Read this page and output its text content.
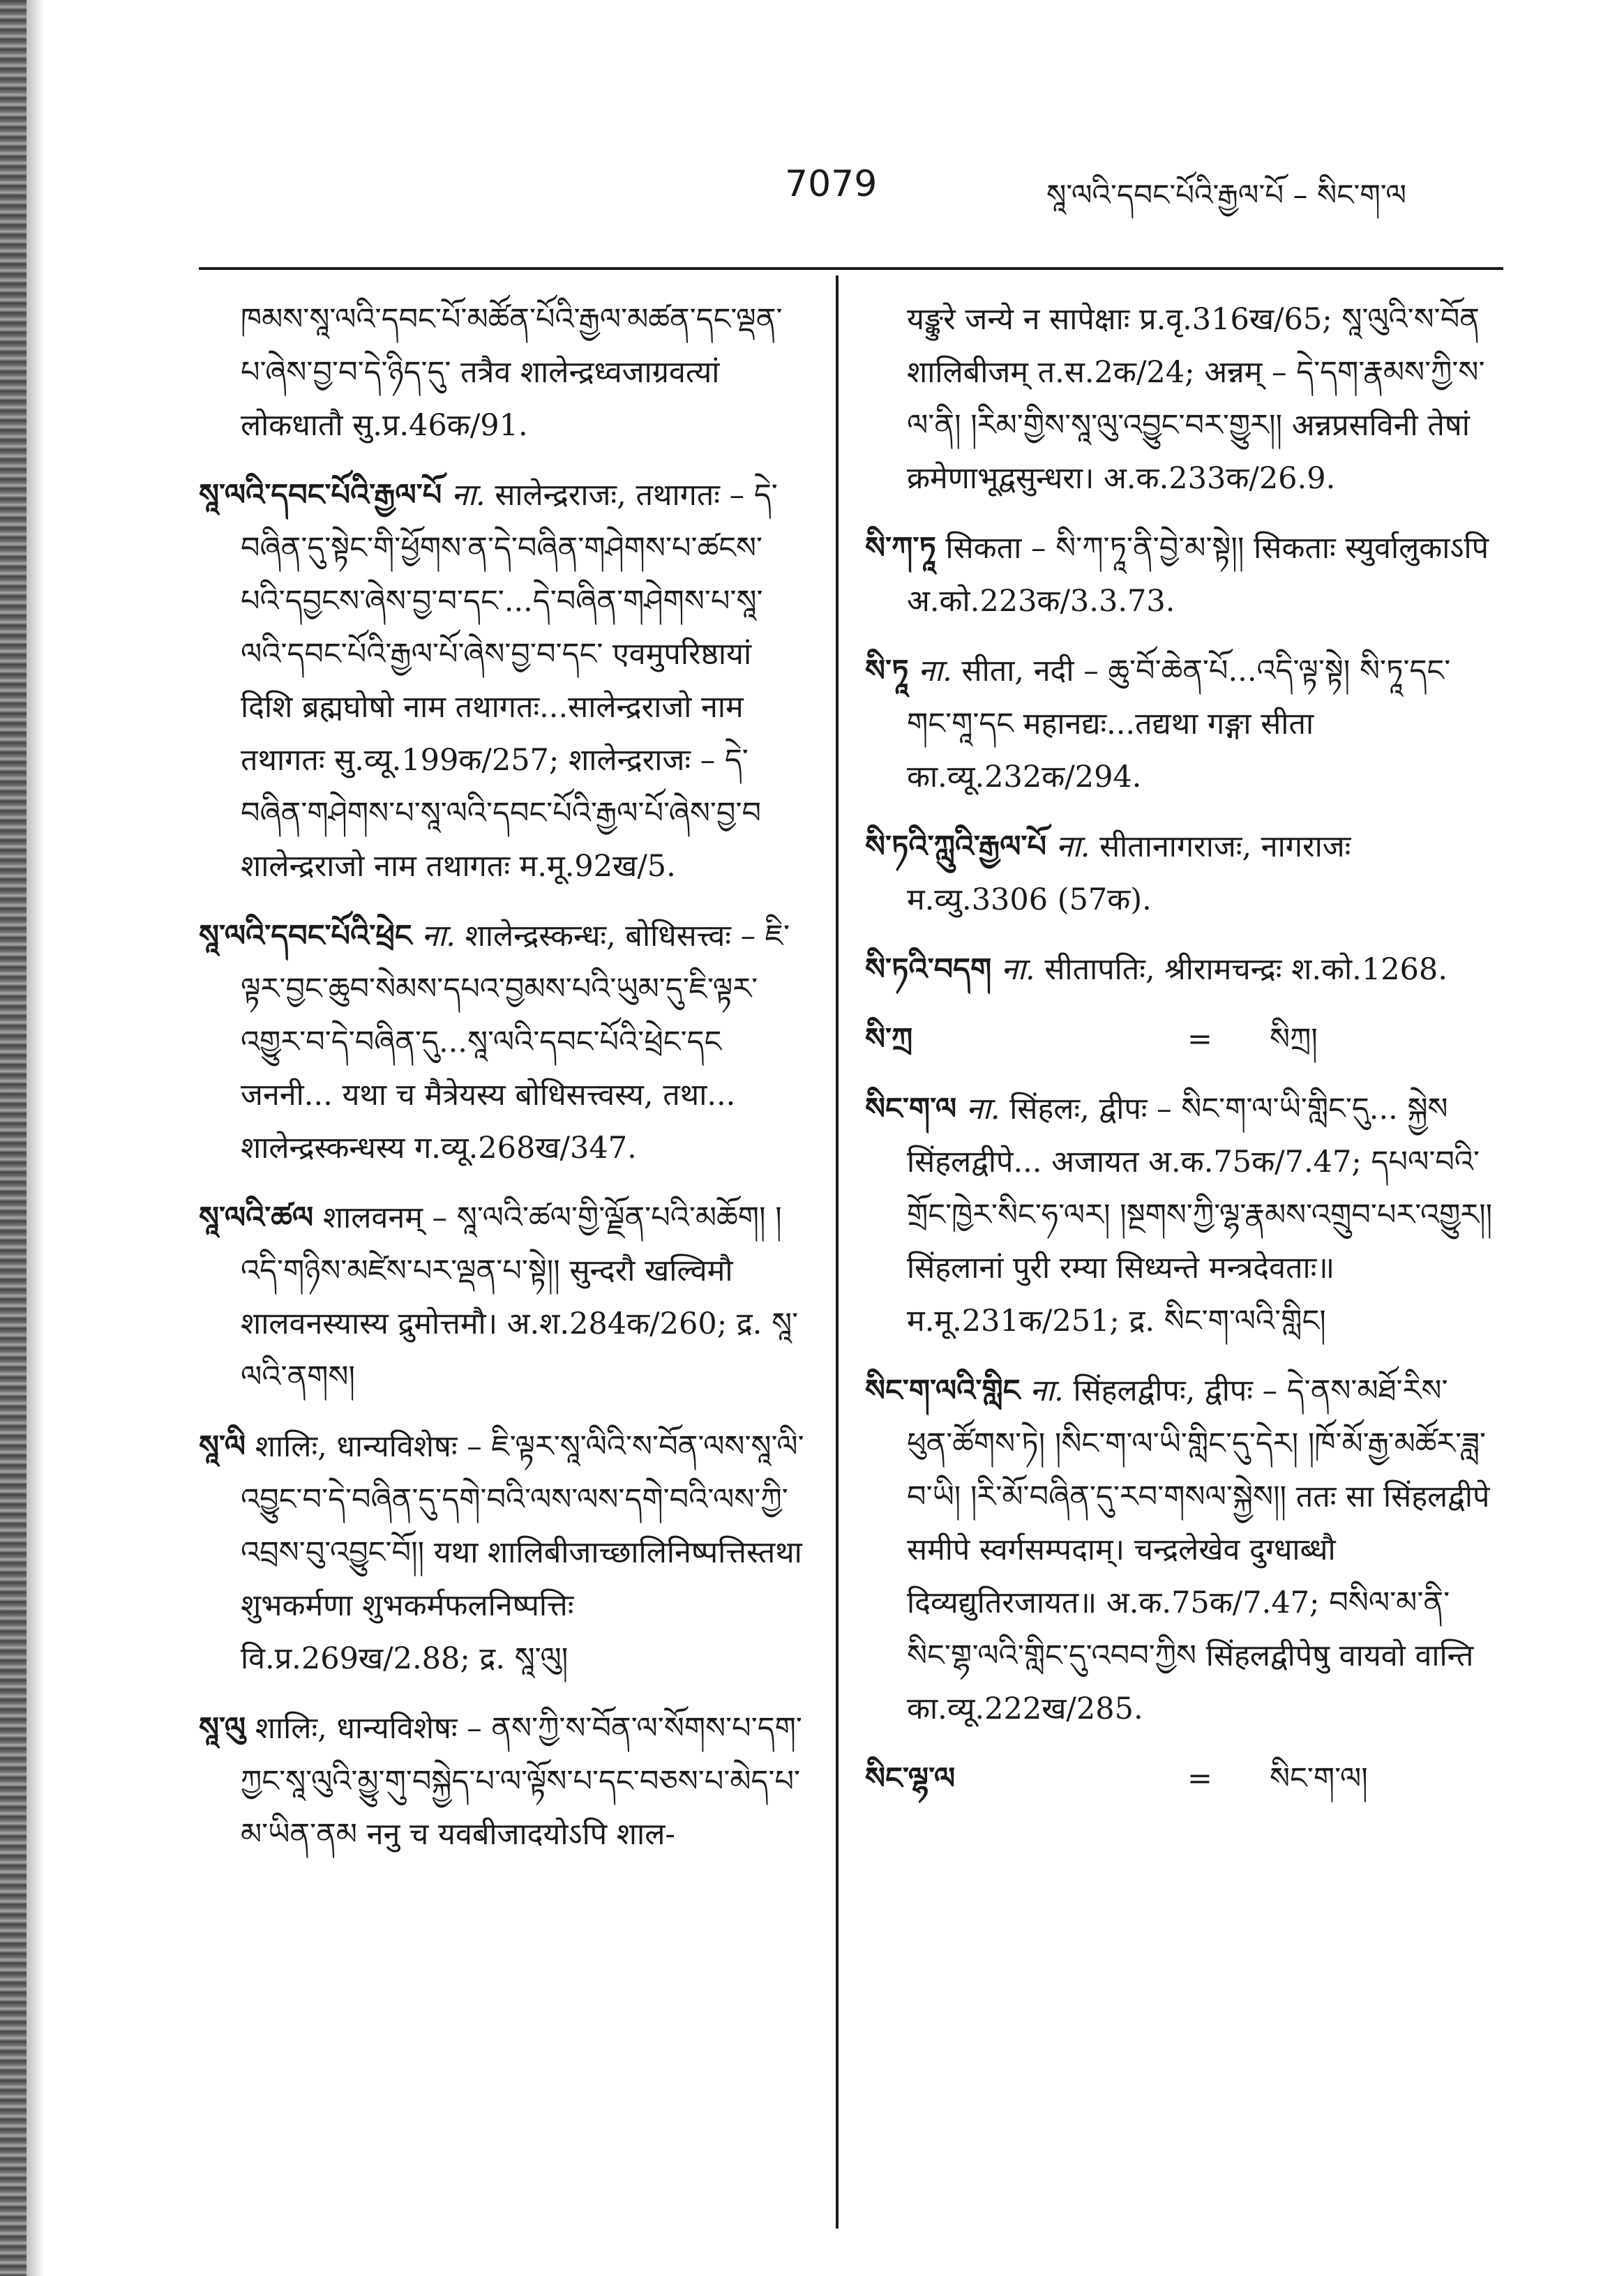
7079	སཱ་ལའི་དབང་པོའི་རྒྱལ་པོ – སིང་ག་ལ

ཁམས་སཱ་ལའི་དབང་པོ་མཚོན་པོའི་རྒྱལ་མཚན་དང་ལྡན་པ་ཞེས་བྱ་བ་དེ་ཉིད་དུ་ तत्रैव शालेन्द्रध्वजाग्रवत्यां लोकधातौ सु.प्र.46क/91.

སཱ་ལའི་དབང་པོའི་རྒྱལ་པོ ना. सालेन्द्रराजः, तथागतः – དེ་བཞིན་དུ་སྟེང་གི་ཕྱོགས་ན་དེ་བཞིན་གཤེགས་པ་ཚངས་པའི་དབྱངས་ཞེས་བྱ་བ་དང་...དེ་བཞིན་གཤེགས་པ་སཱ་ལའི་དབང་པོའི་རྒྱལ་པོ་ཞེས་བྱ་བ་དང་ एवमुपरिष्ठायां दिशि ब्रह्मघोषो नाम तथागतः...सालेन्द्रराजो नाम तथागतः सु.व्यू.199क/257; शालेन्द्रराजः – དེ་བཞིན་གཤེགས་པ་སཱ་ལའི་དབང་པོའི་རྒྱལ་པོ་ཞེས་བྱ་བ शालेन्द्रराजो नाम तथागतः म.मू.92ख/5.
སཱ་ལའི་དབང་པོའི་ཕྲེང ना. शालेन्द्रस्कन्धः, बोधिसत्त्वः – ཇི་ལྟར་བྱང་ཆུབ་སེམས་དཔའ་བྱམས་པའི་ཡུམ་དུ་ཇི་ལྟར་འགྱུར་བ་དེ་བཞིན་དུ...སཱ་ལའི་དབང་པོའི་ཕྲེང་དང जननी... यथा च मैत्रेयस्य बोधिसत्त्वस्य, तथा... शालेन्द्रस्कन्धस्य ग.व्यू.268ख/347.
སཱ་ལའི་ཚལ शालवनम् – སཱ་ལའི་ཚལ་གྱི་ལྗོན་པའི་མཆོག། །འདི་གཉིས་མཛེས་པར་ལྡན་པ་སྟེ།། सुन्दरौ खल्विमौ शालवनस्यास्य द्रुमोत्तमौ। अ.श.284क/260; द्र. སཱ་ལའི་ནགས།
སཱ་ལི शालिः, धान्यविशेषः – ཇི་ལྟར་སཱ་ལིའི་ས་བོན་ལས་སཱ་ལི་འབྱུང་བ་དེ་བཞིན་དུ་དགེ་བའི་ལས་ལས་དགེ་བའི་ལས་ཀྱི་འབྲས་བུ་འབྱུང་བོ།། यथा शालिबीजाच्छालिनिष्पत्तिस्तथा शुभकर्मणा शुभकर्मफलनिष्पत्तिः वि.प्र.269ख/2.88; द्र. སཱ་ལུ།
སཱ་ལུ शालिः, धान्यविशेषः – ནས་ཀྱི་ས་བོན་ལ་སོགས་པ་དག་ཀྱང་སཱ་ལུའི་མྱུ་གུ་བསྐྱེད་པ་ལ་ལྟོས་པ་དང་བཅས་པ་མེད་པ་མ་ཡིན་ནམ ननु च यवबीजादयोऽपि शाल-

यङ्कुरे जन्ये न सापेक्षाः प्र.वृ.316ख/65; སཱ་ལུའི་ས་བོན शालिबीजम् त.स.2क/24; अन्नम् – དེ་དག་རྣམས་ཀྱི་ས་ལ་ནི། །རིམ་གྱིས་སཱ་ལུ་འབྱུང་བར་གྱུར།། अन्नप्रसविनी तेषां क्रमेणाभूद्वसुन्धरा। अ.क.233क/26.9.

སི་ཀ་ཏཱ सिकता – སི་ཀ་ཏཱ་ནི་བྱེ་མ་སྟེ།། सिकताः स्युर्वालुकाऽपि अ.को.223क/3.3.73.
སི་ཏཱ ना. सीता, नदी – ཆུ་བོ་ཆེན་པོ...འདི་ལྟ་སྟེ། སི་ཏཱ་དང་གང་གཱ་དང महानद्यः...तद्यथा गङ्गा सीता का.व्यू.232क/294.
སི་ཏའི་ཀླུའི་རྒྱལ་པོ ना. सीतानागराजः, नागराजः म.व्यु.3306 (57क).
སི་ཏའི་བདག ना. सीतापतिः, श्रीरामचन्द्रः श.को.1268.
སི་ཀྲ	=	སིཀྲ།
སིང་ག་ལ ना. सिंहलः, द्वीपः – སིང་ག་ལ་ཡི་གླིང་དུ... སྐྱེས सिंहलद्वीपे... अजायत अ.क.75क/7.47; དཔལ་བའི་གྲོང་ཁྱེར་སིང་ཧ་ལར། །སྔགས་ཀྱི་ལྷ་རྣམས་འགྲུབ་པར་འགྱུར།། सिंहलानां पुरी रम्या सिध्यन्ते मन्त्रदेवताः॥ म.मू.231क/251; द्र. སིང་ག་ལའི་གླིང།
སིང་ག་ལའི་གླིང ना. सिंहलद्वीपः, द्वीपः – དེ་ནས་མཐོ་རིས་ཕུན་ཚོགས་ཏེ། །སིང་ག་ལ་ཡི་གླིང་དུ་དེར། །ཁོ་མོ་རྒྱ་མཚོར་ཟླ་བ་ཡི། །རི་མོ་བཞིན་དུ་རབ་གསལ་སྐྱེས།། ततः सा सिंहलद्वीपे समीपे स्वर्गसम्पदाम्। चन्द्रलेखेव दुग्धाब्धौ दिव्यद्युतिरजायत॥ अ.क.75क/7.47; བསིལ་མ་ནི་སིང་གྷ་ལའི་གླིང་དུ་འབབ་ཀྱིས सिंहलद्वीपेषु वायवो वान्ति का.व्यू.222ख/285.
སིང་ལྷ་ལ	=	སིང་ག་ལ།
